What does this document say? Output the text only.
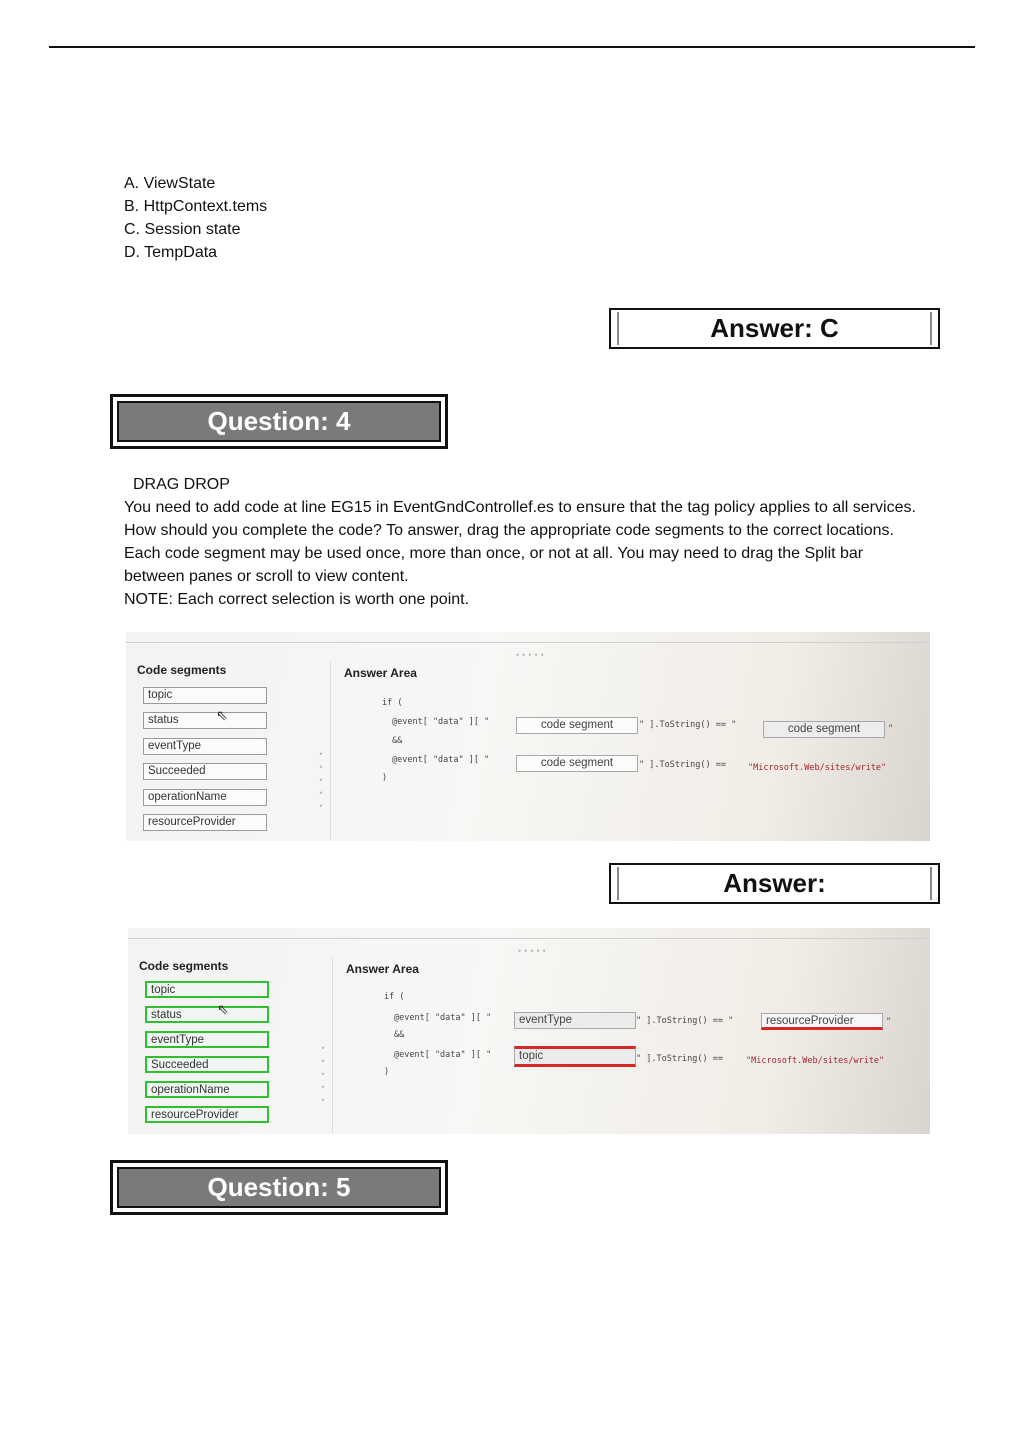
A. ViewState
B. HttpContext.tems
C. Session state
D. TempData
Answer: C
Question: 4
DRAG DROP
You need to add code at line EG15 in EventGndControllef.es to ensure that the tag policy applies to all services.
How should you complete the code? To answer, drag the appropriate code segments to the correct locations. Each code segment may be used once, more than once, or not at all. You may need to drag the Split bar between panes or scroll to view content.
NOTE: Each correct selection is worth one point.
Code segments
topic
status
eventType
Succeeded
operationName
resourceProvider
⇖
•
•
•
•
•
•••••
Answer Area
if (
@event[ "data" ][ "	code segment	" ].ToString() == "	code segment	"
&&
@event[ "data" ][ "	code segment	" ].ToString() ==	"Microsoft.Web/sites/write"
)
Answer:
Code segments
topic
status
eventType
Succeeded
operationName
resourceProvider
⇖
•
•
•
•
•
•••••
Answer Area
if (
@event[ "data" ][ "	eventType	" ].ToString() == "	resourceProvider	"
&&
@event[ "data" ][ "	topic	" ].ToString() ==	"Microsoft.Web/sites/write"
)
Question: 5
